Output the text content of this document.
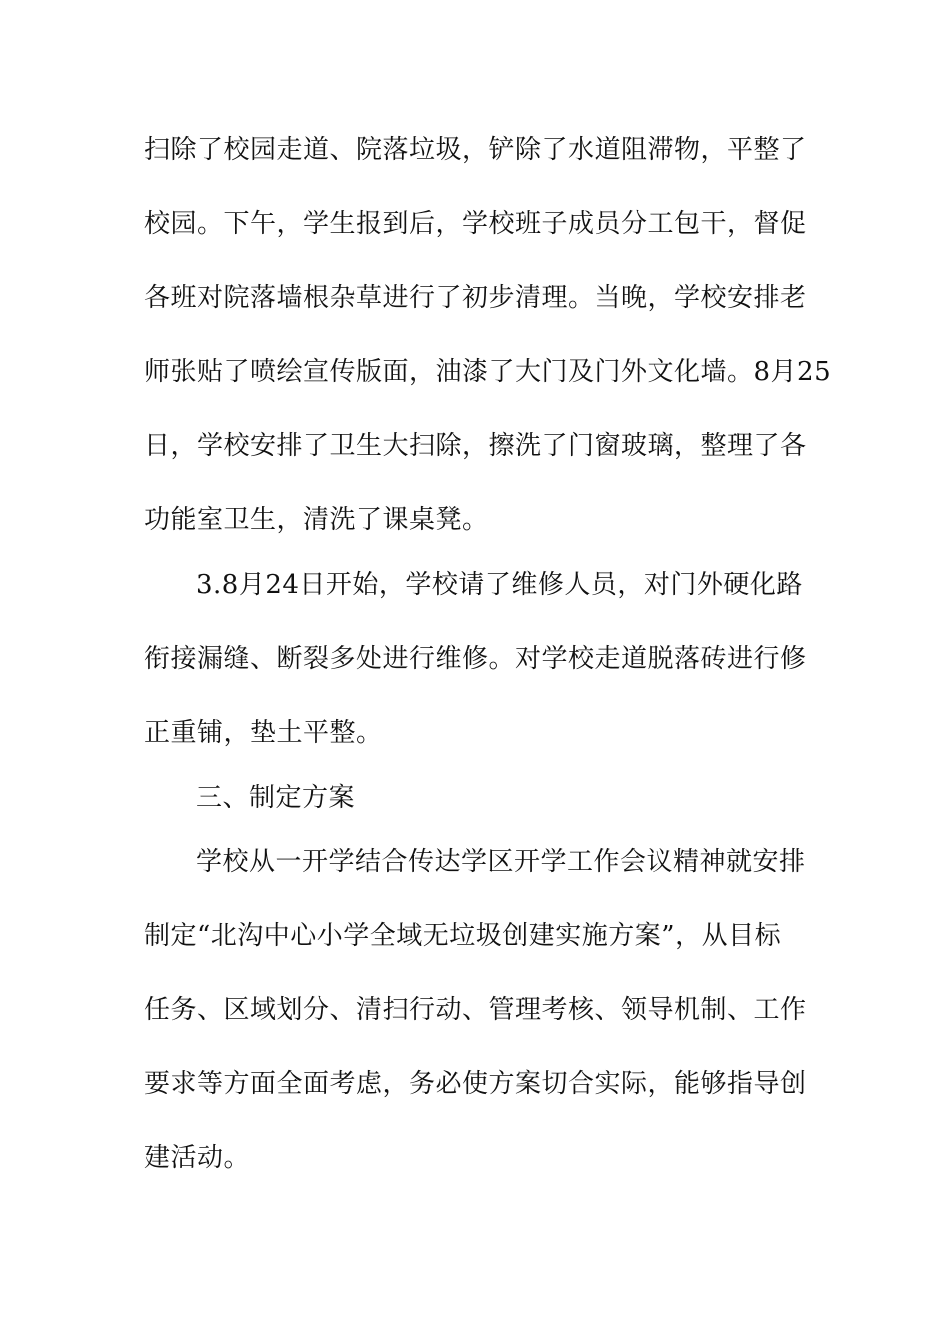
扫除了校园走道、院落垃圾，铲除了水道阻滞物，平整了
校园。下午，学生报到后，学校班子成员分工包干，督促
各班对院落墙根杂草进行了初步清理。当晚，学校安排老
师张贴了喷绘宣传版面，油漆了大门及门外文化墙。8月25
日，学校安排了卫生大扫除，擦洗了门窗玻璃，整理了各
功能室卫生，清洗了课桌凳。
3.8月24日开始，学校请了维修人员，对门外硬化路
衔接漏缝、断裂多处进行维修。对学校走道脱落砖进行修
正重铺，垫土平整。
三、制定方案
学校从一开学结合传达学区开学工作会议精神就安排
制定“北沟中心小学全域无垃圾创建实施方案”，从目标
任务、区域划分、清扫行动、管理考核、领导机制、工作
要求等方面全面考虑，务必使方案切合实际，能够指导创
建活动。
